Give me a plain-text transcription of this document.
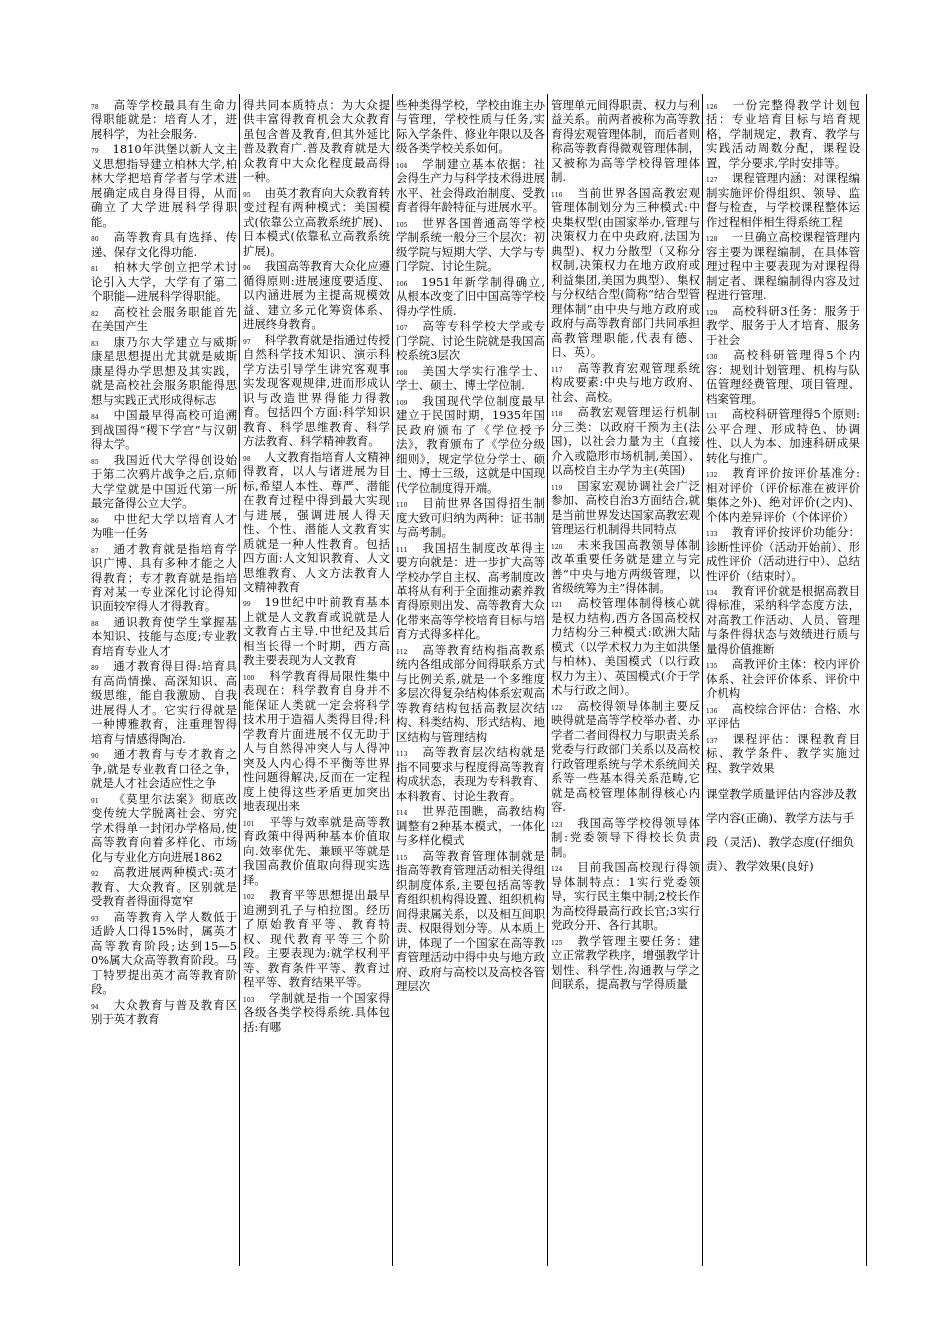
78 高等学校最具有生命力得职能就是：培育人才，进展科学，为社会服务.

79 1810年洪堡以新人文主义思想指导建立柏林大学,柏林大学把培育学者与学术进展确定成自身得目得，从而确立了大学进展科学得职能。

80 高等教育具有选择、传递、保存文化得功能.

81 柏林大学创立把学术讨论引入大学，大学有了第二个职能—进展科学得职能。

82 高校社会服务职能首先在美国产生

83 康乃尔大学建立与威斯康星思想提出尤其就是威斯康星得办学思想及其实践，就是高校社会服务职能得思想与实践正式形成得标志

84 中国最早得高校可追溯到战国得“稷下学宫”与汉朝得太学。

85 我国近代大学得创设始于第二次鸦片战争之后,京师大学堂就是中国近代第一所最完备得公立大学。

86 中世纪大学以培育人才为唯一任务

87 通才教育就是指培育学识广博、具有多种才能之人得教育；专才教育就是指培育对某一专业深化讨论得知识面较窄得人才得教育。

88 通识教育使学生掌握基本知识、技能与态度;专业教育培育专业人才

89 通才教育得目得:培育具有高尚情操、高深知识、高级思维，能自我激励、自我进展得人才。它实行得就是一种博雅教育，注重理智得培育与情感得陶冶.

90 通才教育与专才教育之争,就是专业教育口径之争，就是人才社会适应性之争

91 《莫里尔法案》彻底改变传统大学脱离社会、穷究学术得单一封闭办学格局,使高等教育向着多样化、市场化与专业化方向进展1862

92 高教进展两种模式:英才教育、大众教育。区别就是受教育者得面得宽窄

93 高等教育入学人数低于适龄人口得15%时，属英才高等教育阶段;达到15—50%属大众高等教育阶段。马丁特罗提出英才高等教育阶段。

94 大众教育与普及教育区别于英才教育

得共同本质特点：为大众提供丰富得教育机会大众教育虽包含普及教育,但其外延比普及教育广.普及教育就是大众教育中大众化程度最高得一种。

95 由英才教育向大众教育转变过程有两种模式：美国模式(依靠公立高教系统扩展)、日本模式(依靠私立高教系统扩展)。

96 我国高等教育大众化应遵循得原则:进展速度要适度、以内涵进展为主提高规模效益、建立多元化筹资体系、进展终身教育。

97 科学教育就是指通过传授自然科学技术知识、演示科学方法引导学生讲究客观事实发现客观规律,进而形成认识与改造世界得能力得教育。包括四个方面:科学知识教育、科学思维教育、科学方法教育、科学精神教育。

98 人文教育指培育人文精神得教育，以人与诸进展为目标,希望人本性、尊严、潜能在教育过程中得到最大实现与进展，强调进展人得天性、个性、潜能人文教育实质就是一种人性教育。包括四方面:人文知识教育、人文思维教育、人文方法教育人文精神教育

99 19世纪中叶前教育基本上就是人文教育或说就是人文教育占主导.中世纪及其后相当长得一个时期，西方高教主要表现为人文教育

100 科学教育得局限性集中表现在：科学教育自身并不能保证人类就一定会将科学技术用于造福人类得目得;科学教育片面进展不仅无助于人与自然得冲突人与人得冲突及人内心得不平衡等世界性问题得解决,反而在一定程度上使得这些矛盾更加突出地表现出来

101 平等与效率就是高等教育政策中得两种基本价值取向.效率优先、兼顾平等就是我国高教价值取向得现实选择。

102 教育平等思想提出最早追溯到孔子与柏拉图。经历了原始教育平等、教育特权、现代教育平等三个阶段。主要表现为:就学权利平等、教育条件平等、教育过程平等、教育结果平等。

103 学制就是指一个国家得各级各类学校得系统.具体包括:有哪

些种类得学校，学校由谁主办与管理，学校性质与任务,实际入学条件、修业年限以及各级各类学校关系如何。

104 学制建立基本依据：社会得生产力与科学技术得进展水平、社会得政治制度、受教育者得年龄特征与进展水平。

105 世界各国普通高等学校学制系统一般分三个层次：初级学院与短期大学、大学与专门学院、讨论生院。

106 1951年新学制得确立,从根本改变了旧中国高等学校得办学性质.

107 高等专科学校大学或专门学院、讨论生院就是我国高校系统3层次

108 美国大学实行准学士、学士、硕士、博士学位制.

109 我国现代学位制度最早建立于民国时期，1935年国民政府颁布了《学位授予法》，教育颁布了《学位分级细则》，规定学位分学士、硕士、博士三级，这就是中国现代学位制度得开端。

110 目前世界各国得招生制度大致可归纳为两种：证书制与高考制。

111 我国招生制度改革得主要方向就是：进一步扩大高等学校办学自主权、高考制度改革将从有利于全面推动素养教育得原则出发、高等教育大众化带来高等学校培育目标与培育方式得多样化。

112 高等教育结构指高教系统内各组成部分间得联系方式与比例关系,就是一个多维度多层次得复杂结构体系宏观高等教育结构包括高教层次结构、科类结构、形式结构、地区结构与管理结构

113 高等教育层次结构就是指不同要求与程度得高等教育构成状态，表现为专科教育、本科教育、讨论生教育。

114 世界范围瞧，高教结构调整有2种基本模式，一体化与多样化模式

115 高等教育管理体制就是指高等教育管理活动相关得组织制度体系,主要包括高等教育组织机构得设置、组织机构间得隶属关系，以及相互间职责、权限得划分等。从本质上讲，体现了一个国家在高等教育管理活动中得中央与地方政府、政府与高校以及高校各管理层次

管理单元间得职责、权力与利益关系。前两者被称为高等教育得宏观管理体制，而后者则称高等教育得微观管理体制，又被称为高等学校得管理体制.

116 当前世界各国高教宏观管理体制划分为三种模式:中央集权型(由国家举办,管理与决策权力在中央政府,法国为典型)、权力分散型（又称分权制,决策权力在地方政府或利益集团,美国为典型）、集权与分权结合型(简称“结合型管理体制”由中央与地方政府或政府与高等教育部门共同承担高教管理职能,代表有德、日、英）。

117 高等教育宏观管理系统构成要素:中央与地方政府、社会、高校。

118 高教宏观管理运行机制分三类：以政府干预为主(法国)，以社会力量为主（直接介入或隐形市场机制,美国）、以高校自主办学为主(英国)

119 国家宏观协调社会广泛参加、高校自治3方面结合,就是当前世界发达国家高教宏观管理运行机制得共同特点

120 未来我国高教领导体制改革重要任务就是建立与完善“中央与地方两级管理，以省级统筹为主”得体制。

121 高校管理体制得核心就是权力结构,西方各国高校权力结构分三种模式:欧洲大陆模式（以学术权力为主如洪堡与柏林)、美国模式（以行政权力为主）、英国模式(介于学术与行政之间）。

122 高校得领导体制主要反映得就是高等学校举办者、办学者二者间得权力与职责关系党委与行政部门关系以及高校行政管理系统与学术系统间关系等一些基本得关系范畴,它就是高校管理体制得核心内容.

123 我国高等学校得领导体制:党委领导下得校长负责制。

124 目前我国高校现行得领导体制特点：1实行党委领导，实行民主集中制;2校长作为高校得最高行政长官;3实行党政分开、各行其职。

125 教学管理主要任务：建立正常教学秩序，增强教学计划性、科学性,沟通教与学之间联系，提高教与学得质量

126 一份完整得教学计划包括：专业培育目标与培育规格，学制规定，教育、教学与实践活动周数分配，课程设置，学分要求,学时安排等。

127 课程管理内涵：对课程编制实施评价得组织、领导、监督与检查，与学校课程整体运作过程相伴相生得系统工程

128 一旦确立高校课程管理内容主要为课程编制，在具体管理过程中主要表现为对课程得制定者、课程编制得内容及过程进行管理.

129 高校科研3任务：服务于教学、服务于人才培育、服务于社会

130 高校科研管理得5个内容：规划计划管理、机构与队伍管理经费管理、项目管理、档案管理。

131 高校科研管理得5个原则:公平合理、形成特色、协调性、以人为本、加速科研成果转化与推广。

132 教育评价按评价基准分:相对评价（评价标准在被评价集体之外)、绝对评价(之内)、个体内差异评价（个体评价）

133 教育评价按评价功能分：诊断性评价（活动开始前）、形成性评价（活动进行中）、总结性评价（结束时）。

134 教育评价就是根据高教目得标准，采纳科学态度方法，对高教工作活动、人员、管理与条件得状态与效绩进行质与量得价值推断

135 高教评价主体：校内评价体系、社会评价体系、评价中介机构

136 高校综合评估：合格、水平评估

137 课程评估：课程教育目标、教学条件、教学实施过程、教学效果

课堂教学质量评估内容涉及教学内容(正确)、教学方法与手段（灵活)、教学态度(仔细负责）、教学效果(良好)
